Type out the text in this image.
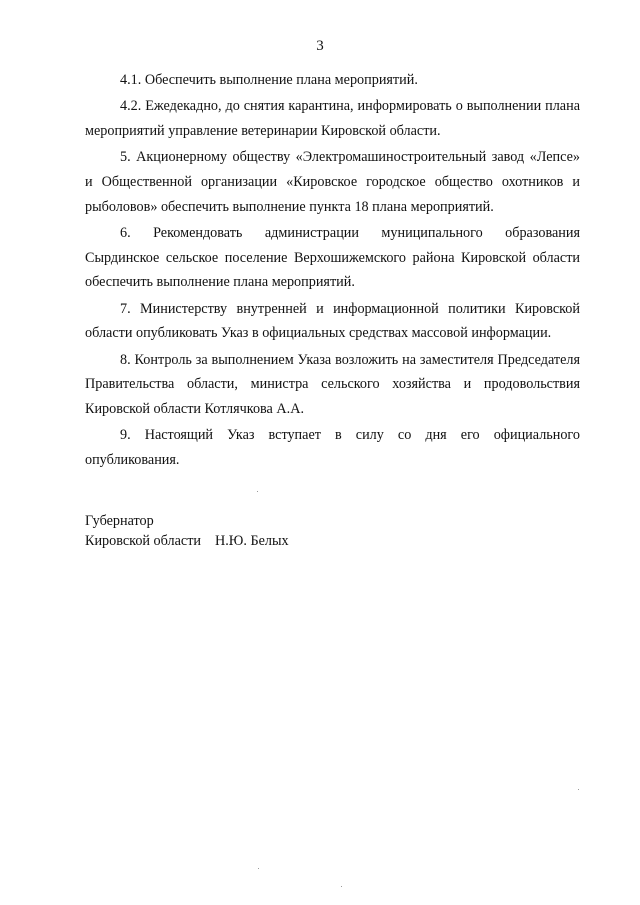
3

4.1. Обеспечить выполнение плана мероприятий.

4.2. Ежедекадно, до снятия карантина, информировать о выполнении плана мероприятий управление ветеринарии Кировской области.

5. Акционерному обществу «Электромашиностроительный завод «Лепсе» и Общественной организации «Кировское городское общество охотников и рыболовов» обеспечить выполнение пункта 18 плана мероприятий.

6. Рекомендовать администрации муниципального образования Сырдинское сельское поселение Верхошижемского района Кировской области обеспечить выполнение плана мероприятий.

7. Министерству внутренней и информационной политики Кировской области опубликовать Указ в официальных средствах массовой информации.

8. Контроль за выполнением Указа возложить на заместителя Председателя Правительства области, министра сельского хозяйства и продовольствия Кировской области Котлячкова А.А.

9. Настоящий Указ вступает в силу со дня его официального опубликования.

Губернатор
Кировской области Н.Ю. Белых
